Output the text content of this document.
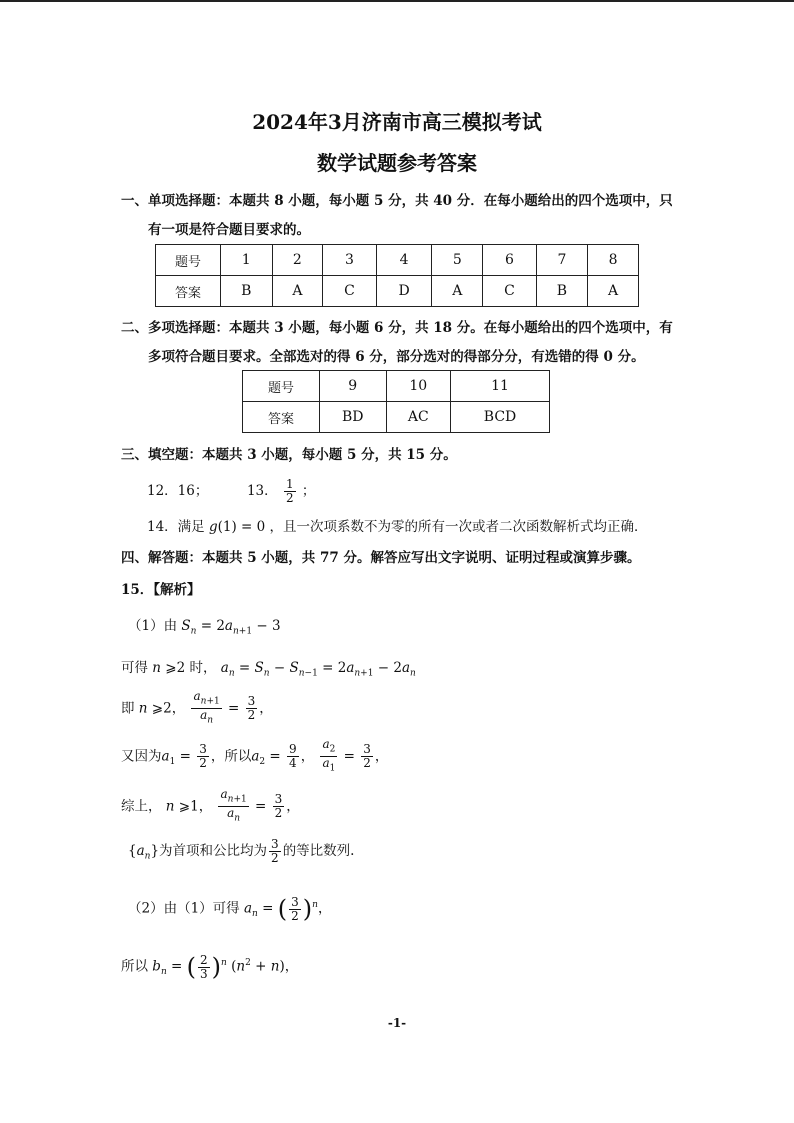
2024年3月济南市高三模拟考试
数学试题参考答案
一、单项选择题：本题共 8 小题，每小题 5 分，共 40 分．在每小题给出的四个选项中，只
有一项是符合题目要求的。
题号	1	2	3	4	5	6	7	8
答案	B	A	C	D	A	C	B	A
二、多项选择题：本题共 3 小题，每小题 6 分，共 18 分。在每小题给出的四个选项中，有
多项符合题目要求。全部选对的得 6 分，部分选对的得部分分，有选错的得 0 分。
题号	9	10	11
答案	BD	AC	BCD
三、填空题：本题共 3 小题，每小题 5 分，共 15 分。
12．16；	13． $\frac{1}{2}$ ；
14．满足 g(1) = 0 ，且一次项系数不为零的所有一次或者二次函数解析式均正确．
四、解答题：本题共 5 小题，共 77 分。解答应写出文字说明、证明过程或演算步骤。
15．【解析】
（1）由 $S_n = 2a_{n+1} - 3$
可得 n ⩾2 时， $a_n = S_n - S_{n-1} = 2a_{n+1} - 2a_n$
即 n ⩾2， $\frac{a_{n+1}}{a_n} = \frac{3}{2}$ ，
又因为$a_1 = \frac{3}{2}$ ，所以$a_2 = \frac{9}{4}$ ， $\frac{a_2}{a_1} = \frac{3}{2}$ ，
综上， n ⩾1， $\frac{a_{n+1}}{a_n} = \frac{3}{2}$ ，
$\{a_n\}$为首项和公比均为 $\frac{3}{2}$ 的等比数列.
（2）由（1）可得 $a_n$ = ( $\frac{3}{2} )^n$，
所以 $b_n$ = ( $\frac{2}{3} )^n$ $(n^2 + n)$，
-1-
